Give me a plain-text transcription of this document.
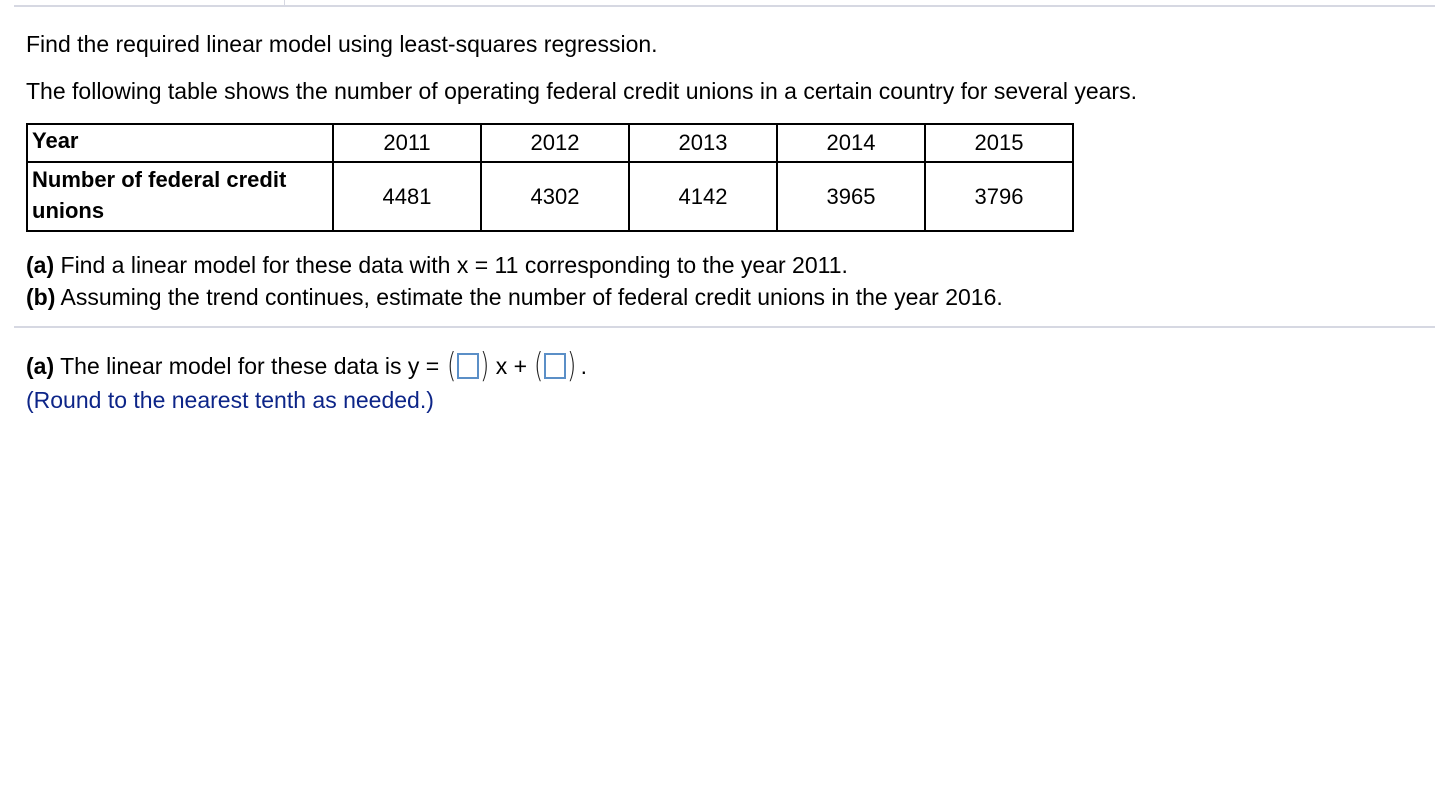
Find the required linear model using least-squares regression.
The following table shows the number of operating federal credit unions in a certain country for several years.
Year	2011	2012	2013	2014	2015
Number of federal credit unions	4481	4302	4142	3965	3796
(a) Find a linear model for these data with x = 11 corresponding to the year 2011.
(b) Assuming the trend continues, estimate the number of federal credit unions in the year 2016.
(a) The linear model for these data is y = ( ) x + ( ) .
(Round to the nearest tenth as needed.)
